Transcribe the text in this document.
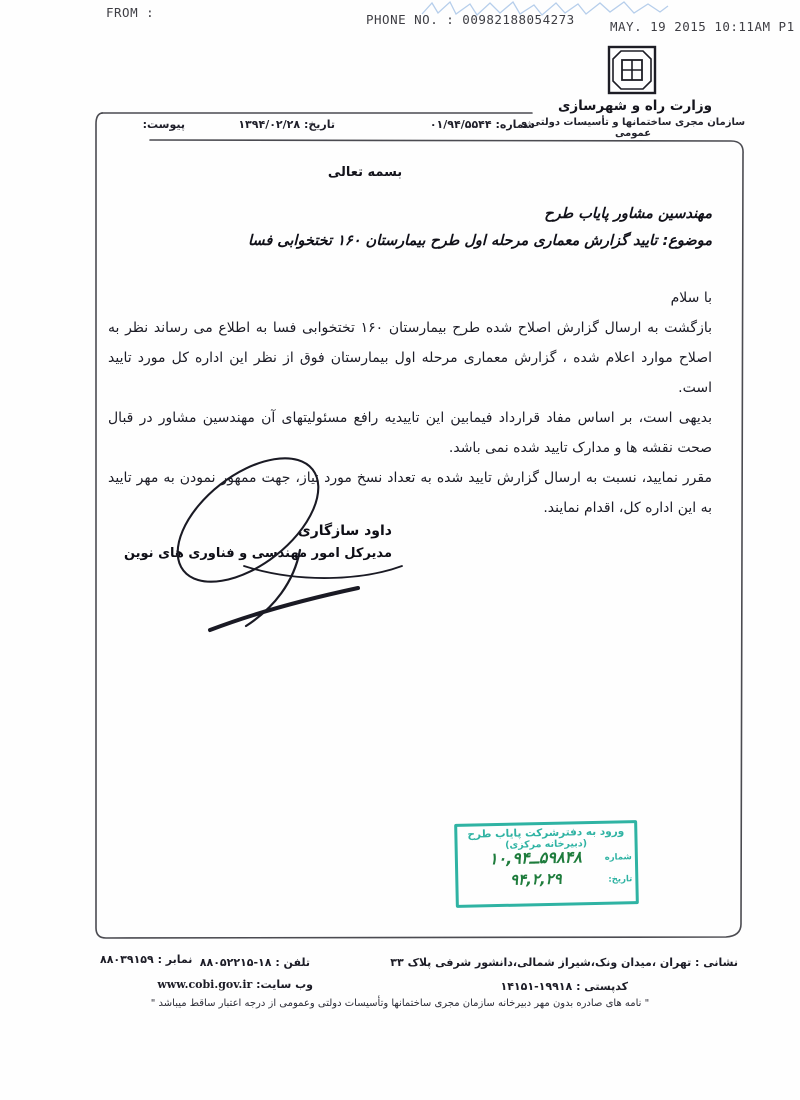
FROM :	PHONE NO. : 00982188054273	MAY. 19 2015 10:11AM P1
وزارت راه و شهرسازی
سازمان مجری ساختمانها و تأسیسات دولتی و عمومی
شماره: ۰۱/۹۴/۵۵۴۴
تاریخ: ۱۳۹۴/۰۲/۲۸
پیوست:
بسمه تعالی
مهندسین مشاور پایاب طرح
موضوع: تایید گزارش معماری مرحله اول طرح بیمارستان ۱۶۰ تختخوابی فسا

با سلام

بازگشت به ارسال گزارش اصلاح شده طرح بیمارستان ۱۶۰ تختخوابی فسا به اطلاع می رساند نظر به اصلاح موارد اعلام شده ، گزارش معماری مرحله اول بیمارستان فوق از نظر این اداره کل مورد تایید است.

بدیهی است، بر اساس مفاد قرارداد فیمابین این تاییدیه رافع مسئولیتهای آن مهندسین مشاور در قبال صحت نقشه ها و مدارک تایید شده نمی باشد.

مقرر نمایید، نسبت به ارسال گزارش تایید شده به تعداد نسخ مورد نیاز، جهت ممهور نمودن به مهر تایید به این اداره کل، اقدام نمایند.

داود سازگاری
مدیرکل امور مهندسی و فناوری های نوین
ورود به دفترشرکت پایاب طرح
(دبیرخانه مرکزی)
شماره
۱۰,۹۴ــ۵۹۸۴۸
تاریخ:
۹۴,۲,۲۹
نشانی : تهران ،میدان ونک،شیراز شمالی،دانشور شرفی پلاک ۳۳
کدپستی : ۱۴۱۵۱-۱۹۹۱۸
تلفن : ۸۸۰۵۲۲۱۵-۱۸
وب سایت: www.cobi.gov.ir
نمابر : ۸۸۰۳۹۱۵۹
" نامه های صادره بدون مهر دبیرخانه سازمان مجری ساختمانها وتأسیسات دولتی وعمومی از درجه اعتبار ساقط میباشد "
